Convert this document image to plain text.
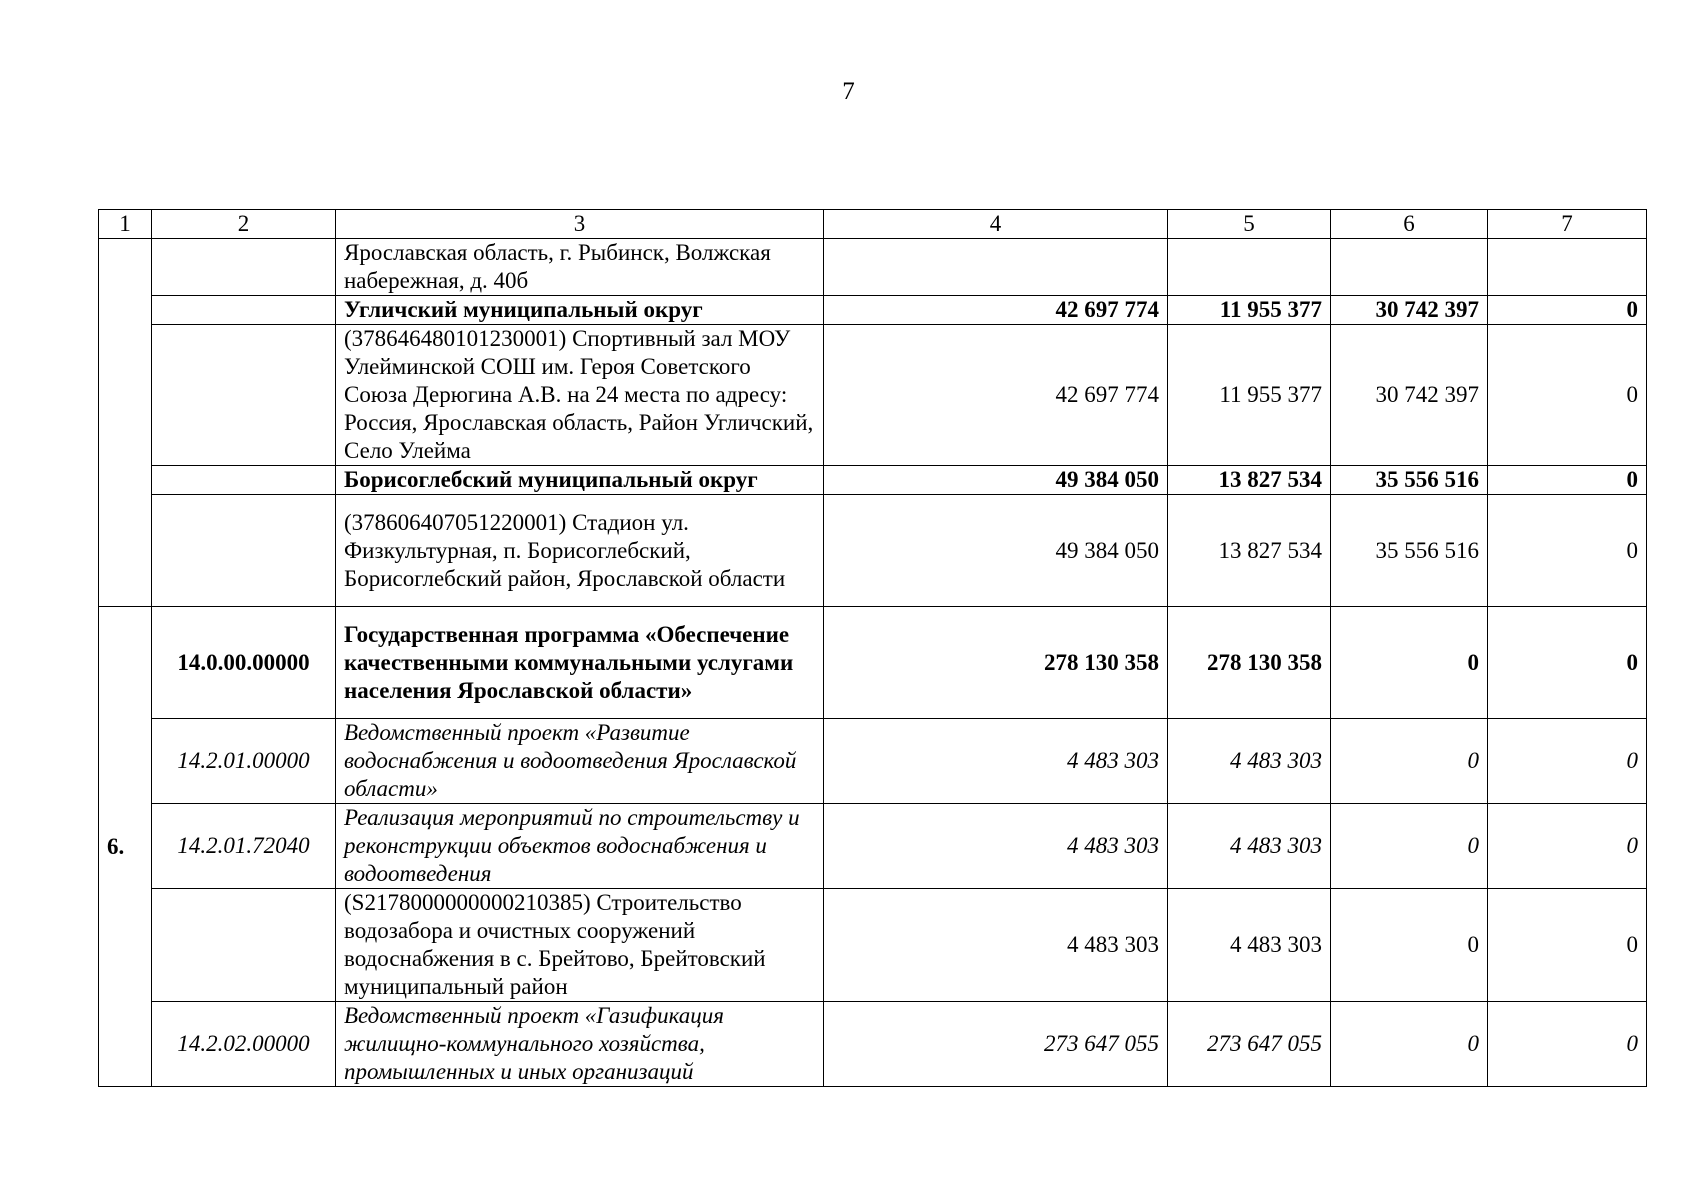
7
1	2	3	4	5	6	7
		Ярославская область, г. Рыбинск, Волжская набережная, д. 40б				
		Угличский муниципальный округ	42 697 774	11 955 377	30 742 397	0
		(378646480101230001) Спортивный зал МОУ Улейминской СОШ им. Героя Советского Союза Дерюгина А.В. на 24 места по адресу: Россия, Ярославская область, Район Угличский, Село Улейма	42 697 774	11 955 377	30 742 397	0
		Борисоглебский муниципальный округ	49 384 050	13 827 534	35 556 516	0
		(378606407051220001) Стадион ул. Физкультурная, п. Борисоглебский, Борисоглебский район, Ярославской области	49 384 050	13 827 534	35 556 516	0
6.	14.0.00.00000	Государственная программа «Обеспечение качественными коммунальными услугами населения Ярославской области»	278 130 358	278 130 358	0	0
	14.2.01.00000	Ведомственный проект «Развитие водоснабжения и водоотведения Ярославской области»	4 483 303	4 483 303	0	0
	14.2.01.72040	Реализация мероприятий по строительству и реконструкции объектов водоснабжения и водоотведения	4 483 303	4 483 303	0	0
		(S2178000000000210385) Строительство водозабора и очистных сооружений водоснабжения в с. Брейтово, Брейтовский муниципальный район	4 483 303	4 483 303	0	0
	14.2.02.00000	Ведомственный проект «Газификация жилищно-коммунального хозяйства, промышленных и иных организаций	273 647 055	273 647 055	0	0
